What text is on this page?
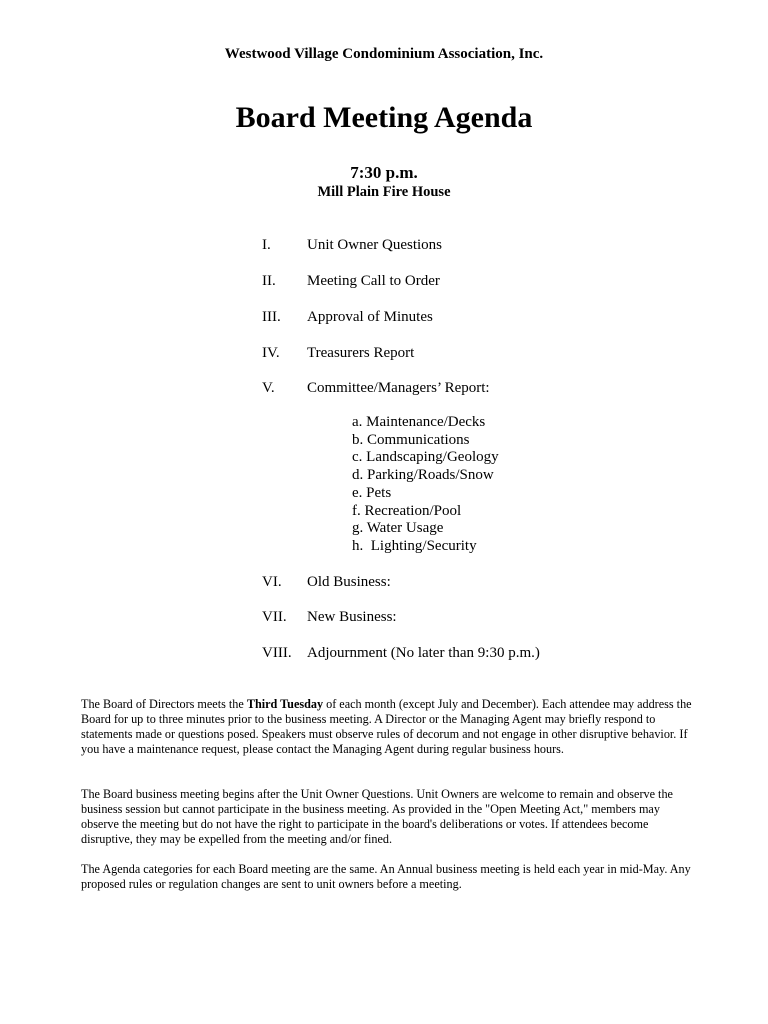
Westwood Village Condominium Association, Inc.

Board Meeting Agenda

7:30 p.m.

Mill Plain Fire House

I. Unit Owner Questions
II. Meeting Call to Order
III. Approval of Minutes
IV. Treasurers Report
V. Committee/Managers’ Report:
a. Maintenance/Decks
b. Communications
c. Landscaping/Geology
d. Parking/Roads/Snow
e. Pets
f. Recreation/Pool
g. Water Usage
h.  Lighting/Security
VI. Old Business:
VII. New Business:
VIII. Adjournment (No later than 9:30 p.m.)

The Board of Directors meets the Third Tuesday of each month (except July and December). Each attendee may address the Board for up to three minutes prior to the business meeting. A Director or the Managing Agent may briefly respond to statements made or questions posed. Speakers must observe rules of decorum and not engage in other disruptive behavior. If you have a maintenance request, please contact the Managing Agent during regular business hours.

The Board business meeting begins after the Unit Owner Questions. Unit Owners are welcome to remain and observe the business session but cannot participate in the business meeting. As provided in the "Open Meeting Act," members may observe the meeting but do not have the right to participate in the board's deliberations or votes. If attendees become disruptive, they may be expelled from the meeting and/or fined.

The Agenda categories for each Board meeting are the same. An Annual business meeting is held each year in mid-May. Any proposed rules or regulation changes are sent to unit owners before a meeting.
